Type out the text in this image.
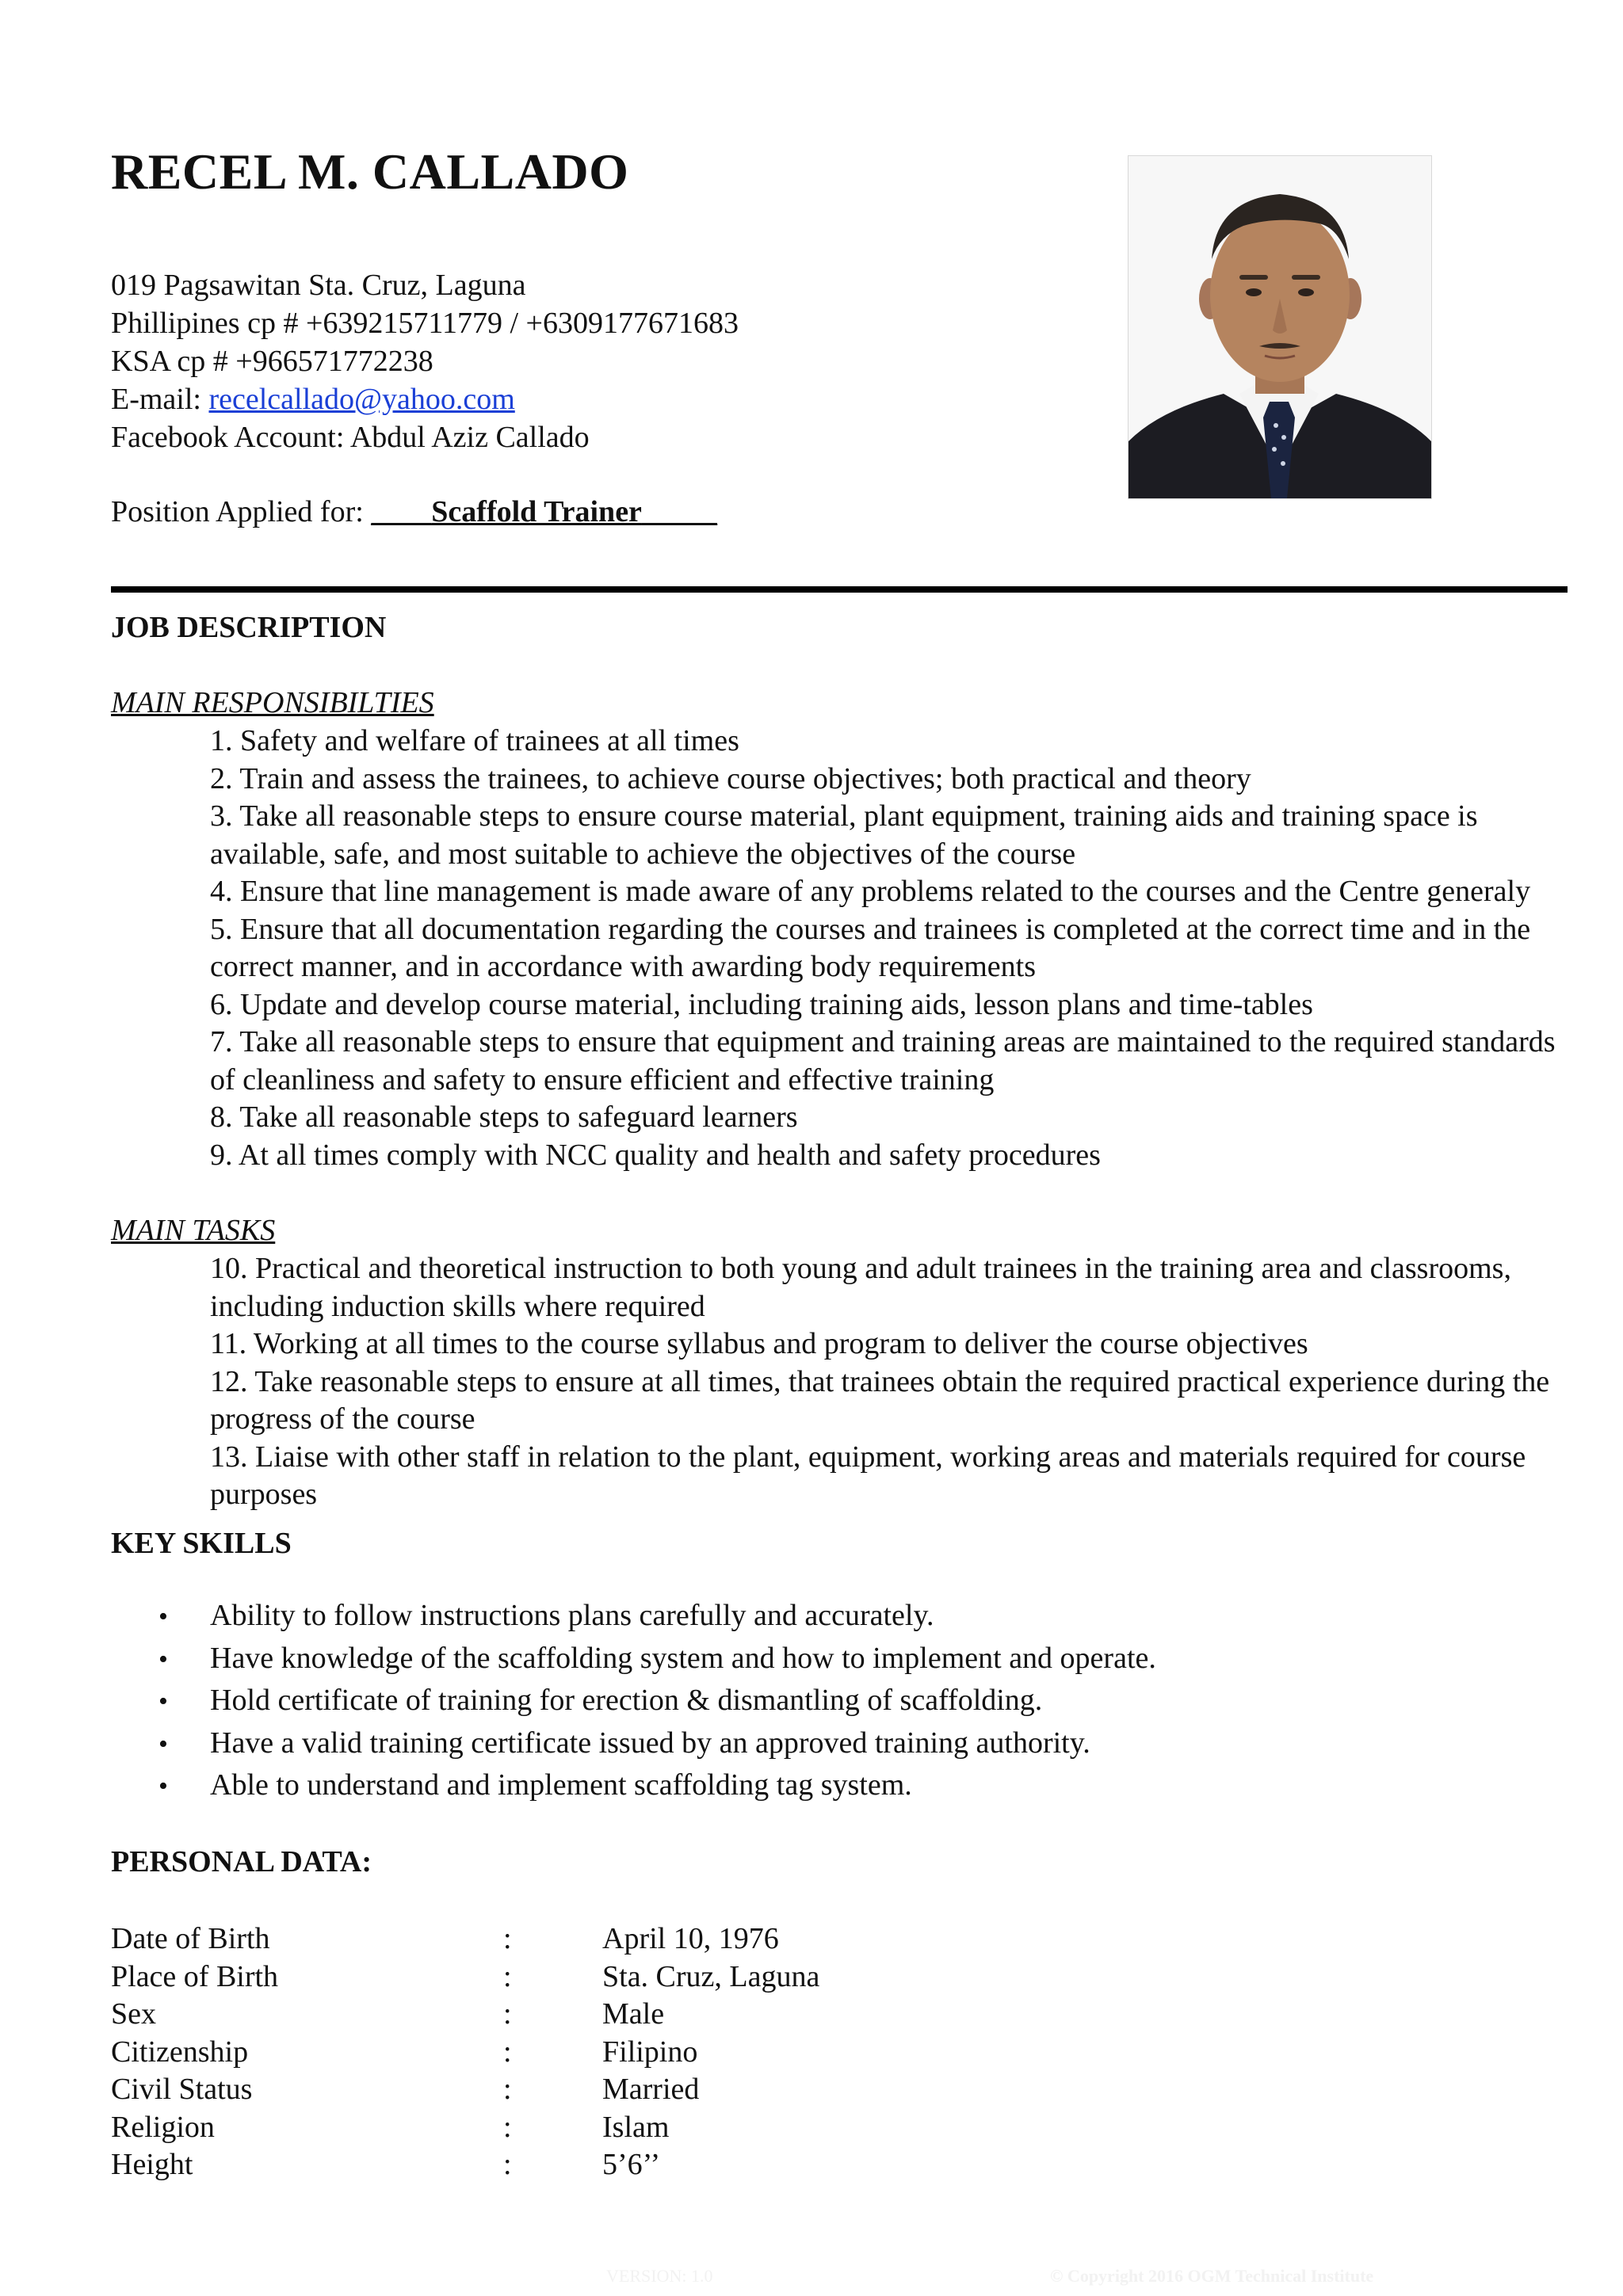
RECEL M. CALLADO
019 Pagsawitan Sta. Cruz, Laguna
Phillipines cp # +639215711779 / +6309177671683
KSA cp # +966571772238
E-mail: recelcallado@yahoo.com
Facebook Account: Abdul Aziz Callado
Position Applied for: ____Scaffold Trainer_____
JOB DESCRIPTION
MAIN RESPONSIBILTIES
1. Safety and welfare of trainees at all times
2. Train and assess the trainees, to achieve course objectives; both practical and theory
3. Take all reasonable steps to ensure course material, plant equipment, training aids and training space is available, safe, and most suitable to achieve the objectives of the course
4. Ensure that line management is made aware of any problems related to the courses and the Centre generaly
5. Ensure that all documentation regarding the courses and trainees is completed at the correct time and in the correct manner, and in accordance with awarding body requirements
6. Update and develop course material, including training aids, lesson plans and time-tables
7. Take all reasonable steps to ensure that equipment and training areas are maintained to the required standards of cleanliness and safety to ensure efficient and effective training
8. Take all reasonable steps to safeguard learners
9. At all times comply with NCC quality and health and safety procedures
MAIN TASKS
10. Practical and theoretical instruction to both young and adult trainees in the training area and classrooms, including induction skills where required
11. Working at all times to the course syllabus and program to deliver the course objectives
12. Take reasonable steps to ensure at all times, that trainees obtain the required practical experience during the progress of the course
13. Liaise with other staff in relation to the plant, equipment, working areas and materials required for course purposes
KEY SKILLS
• Ability to follow instructions plans carefully and accurately.
• Have knowledge of the scaffolding system and how to implement and operate.
• Hold certificate of training for erection & dismantling of scaffolding.
• Have a valid training certificate issued by an approved training authority.
• Able to understand and implement scaffolding tag system.
PERSONAL DATA:
Date of Birth	:	April 10, 1976
Place of Birth	:	Sta. Cruz, Laguna
Sex	:	Male
Citizenship	:	Filipino
Civil Status	:	Married
Religion	:	Islam
Height	:	5’6’’
VERSION: 1.0	© Copyright 2016 OGM Technical Institute
